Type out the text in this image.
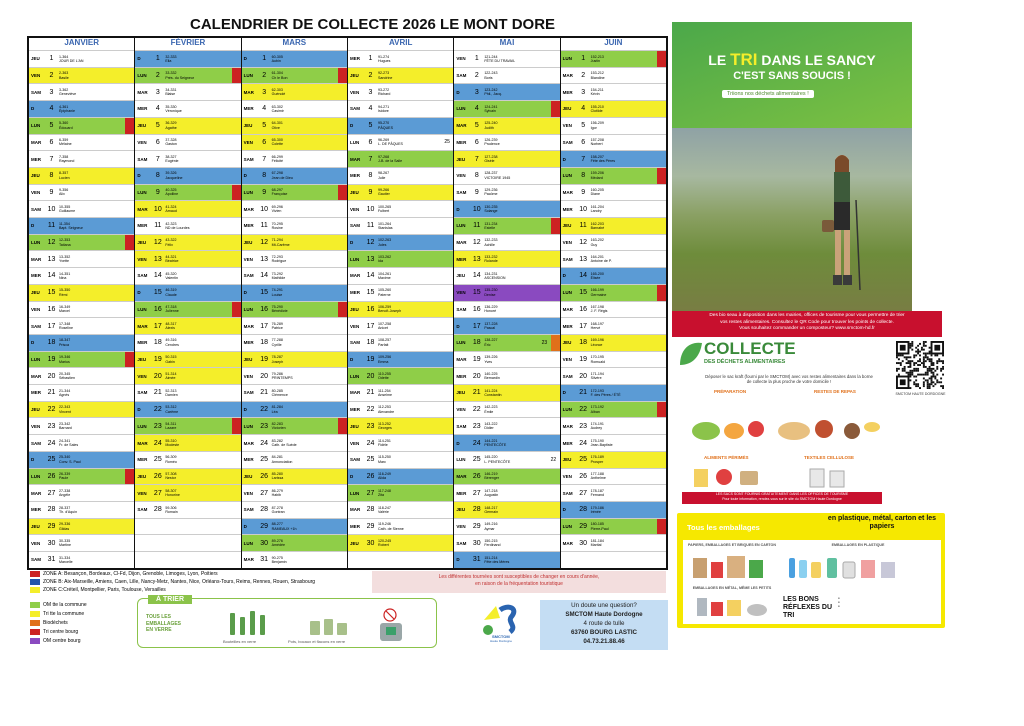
CALENDRIER DE COLLECTE 2026 LE MONT DORE
JANVIER
JEU	1	1-364
JOUR DE L'AN
VEN	2	2-363
Basile
SAM	3	3-362
Geneviève
D	4	4-361
Épiphanie
LUN	5	5-360
Édouard
MAR	6	6-359
Mélaine
MER	7	7-358
Raymond
JEU	8	8-357
Lucien
VEN	9	9-356
Alix
SAM 10	10-355
Guillaume
D	11	11-354
Bapt. Seigneur
LUN	12	12-353
Tatiana
MAR 13	13-352
Yvette
MER 14	14-351
Nina
JEU	15	15-350
Rémi
VEN	16	16-349
Marcel
SAM 17	17-348
Roseline
D	18	18-347
Prisca
LUN	19	19-346
Marius
MAR 20	20-345
Sébastien
MER 21	21-344
Agnès
JEU	22	22-343
Vincent
VEN	23	23-342
Barnard
SAM 24	24-341
Fr. de Sales
D	25	25-340
Conv. S. Paul
LUN	26	26-339
Paule
MAR 27	27-338
Angèle
MER 28	28-337
Th. d'Aquin
JEU	29	29-336
Gildas
VEN	30	30-335
Martine
SAM 31	31-334
Marcelle
FÉVRIER
D	1	32-333
Ella
LUN	2	33-332
Prés. du Seigneur
MAR	3	34-331
Blaise
MER	4	35-330
Véronique
JEU	5	36-329
Agathe
VEN	6	37-328
Gaston
SAM	7	38-327
Eugénie
D	8	39-326
Jacqueline
LUN	9	40-325
Apolline
MAR 10	41-324
Arnaud
MER 11	42-323
ND de Lourdes
JEU	12	43-322
Félix
VEN	13	44-321
Béatrice
SAM 14	45-320
Valentin
D	15	46-319
Claude
LUN	16	47-318
Julienne
MAR 17	48-317
Alexis
MER 18	49-316
Cendres
JEU	19	50-315
Gabin
VEN	20	51-314
Aimée
SAM 21	52-313
Damien
D	22	53-312
Carême
LUN	23	54-311
Lazare
MAR 24	55-310
Modeste
MER 25	56-309
Roméo
JEU	26	57-308
Nestor
VEN	27	58-307
Honorine
SAM 28	59-306
Romain
MARS
D	1	60-305
Aubin
LUN	2	61-304
Ch le Bon
MAR	3	62-303
Guénolé
MER	4	63-302
Casimir
JEU	5	64-301
Olive
VEN	6	65-300
Colette
SAM	7	66-299
Félicité
D	8	67-298
Jean de Dieu
LUN	9	68-297
Françoise
MAR 10	69-296
Vivien
MER 11	70-295
Rosine
JEU	12	71-294
Mt-Carême
VEN	13	72-293
Rodrigue
SAM 14	73-292
Mathilde
D	15	74-291
Louise
LUN	16	75-290
Bénédicte
MAR 17	76-289
Patrice
MER 18	77-288
Cyrille
JEU	19	78-287
Joseph
VEN	20	79-286
PRINTEMPS
SAM 21	80-285
Clémence
D	22	81-284
Léa
LUN	23	82-283
Victorien
MAR 24	83-282
Cath. de Suède
MER 25	84-281
Annonciation
JEU	26	85-280
Larissa
VEN	27	86-279
Habib
SAM 28	87-278
Gontran
D	29	88-277
RAMEAUX +1h
LUN	30	89-276
Amédée
MAR 31	90-275
Benjamin
AVRIL
MER	1	91-274
Hugues
JEU	2	92-273
Sandrine
VEN	3	93-272
Richard
SAM	4	94-271
Isidore
D	5	95-270
PÂQUES
LUN	6	96-269
L. DE PÂQUES	25
MAR	7	97-268
J-B. de la Salle
MER	8	98-267
Julie
JEU	9	99-266
Gautier
VEN	10	100-265
Fulbert
SAM 11	101-264
Stanislas
D	12	102-263
Jules
LUN	13	103-262
Ida
MAR 14	104-261
Maxime
MER 15	105-260
Paterne
JEU	16	106-259
Benoît-Joseph
VEN	17	107-258
Anicet
SAM 18	108-257
Parfait
D	19	109-256
Emma
LUN	20	110-255
Odette
MAR 21	111-254
Anselme
MER 22	112-253
Alexandre
JEU	23	113-252
Georges
VEN	24	114-251
Fidèle
SAM 25	115-250
Marc
D	26	116-249
Alida
LUN	27	117-248
Zita
MAR 28	118-247
Valérie
MER 29	119-246
Cath. de Sienne
JEU	30	120-245
Robert
MAI
VEN	1	121-244
FÊTE DU TRAVAIL
SAM	2	122-243
Boris
D	3	123-242
Phil., Jacq.
LUN	4	124-241
Sylvain
MAR	5	125-240
Judith
MER	6	126-239
Prudence
JEU	7	127-238
Gisèle
VEN	8	128-237
VICTOIRE 1945
SAM	9	129-236
Pacôme
D	10	130-235
Solange
LUN	11	131-234
Estelle
MAR 12	132-233
Achille
MER 13	133-232
Rolande
JEU	14	134-231
ASCENSION
VEN	15	135-230
Denise
SAM 16	136-229
Honoré
D	17	137-228
Pascal
LUN	18	138-227
Éric	23
MAR 19	139-226
Yves
MER 20	140-225
Bernardin
JEU	21	141-224
Constantin
VEN	22	142-223
Émile
SAM 23	143-222
Didier
D	24	144-221
PENTECÔTE
LUN	25	145-220
L. PENTECÔTE	22
MAR 26	146-219
Bérenger
MER 27	147-218
Augustin
JEU	28	148-217
Germain
VEN	29	149-216
Aymar
SAM 30	150-215
Ferdinand
D	31	151-214
Fête des Mères
JUIN
LUN	1	152-213
Justin
MAR	2	153-212
Blandine
MER	3	154-211
Kévin
JEU	4	155-210
Clotilde
VEN	5	156-209
Igor
SAM	6	157-208
Norbert
D	7	158-207
Fête des Pères
LUN	8	159-206
Médard
MAR	9	160-205
Diane
MER 10	161-204
Landry
JEU	11	162-203
Barnabé
VEN	12	163-202
Guy
SAM 13	164-201
Antoine de P.
D	14	165-200
Élisée
LUN	15	166-199
Germaine
MAR 16	167-198
J. F. Régis
MER 17	168-197
Hervé
JEU	18	169-196
Léonce
VEN	19	170-195
Romuald
SAM 20	171-194
Silvère
D	21	172-193
F. des Pères / ÉTÉ
LUN	22	173-192
Alban
MAR 23	174-191
Audrey
MER 24	175-190
Jean-Baptiste
JEU	25	176-189
Prosper
VEN	26	177-188
Anthelme
SAM 27	178-187
Fernand
D	28	179-186
Irénée
LUN	29	180-185
Pierre-Paul
MAR 30	181-184
Martial
ZONE A: Besançon, Bordeaux, Cl-Fd, Dijon, Grenoble, Limoges, Lyon, Poitiers
ZONE B: Aix-Marseille, Amiens, Caen, Lille, Nancy-Metz, Nantes, Nice, Orléans-Tours, Reims, Rennes, Rouen, Strasbourg
ZONE C:Créteil, Montpellier, Paris, Toulouse, Versailles
OM tte la commune
Tri tte la commune
Biodéchets
Tri centre bourg
OM centre bourg
Les différentes tournées sont susceptibles de changer en cours d'année,
en raison de la fréquentation touristique
À TRIER
TOUS LES
EMBALLAGES
EN VERRE
Bouteilles en verre	Pots, bocaux et flacons en verre
SMCTOM
Haute Dordogne
Un doute une question?
SMCTOM Haute Dordogne
4 route de tulle
63760 BOURG LASTIC
04.73.21.88.46
LE TRI DANS LE SANCY
C'EST SANS SOUCIS !
Triions nos déchets alimentaires !
Des bio seau à disposition dans les mairies, offices de tourisme pour vous permettre de trier
vos restes alimentaires. Consultez le QR Code pour trouver les points de collecte.
Vous souhaitez commander un composteur? www.smctom-hd.fr
COLLECTE
DES DÉCHETS ALIMENTAIRES
Déposer le sac kraft (fourni par le SMCTOM) avec vos restes alimentaires dans la borne
de collecte la plus proche de votre domicile !
PRÉPARATION	RESTES DE REPAS
ALIMENTS PÉRIMÉS	TEXTILES CELLULOSE
LES SACS SONT FOURNIS GRATUITEMENT DANS LES OFFICES DE TOURISME
Pour toute information, rendez-vous sur le site du SMCTOM Haute Dordogne
SMCTOM HAUTE DORDOGNE
Tous les emballages
en plastique, métal, carton et les papiers
PAPIERS, EMBALLAGES ET BRIQUES EN CARTON	EMBALLAGES EN PLASTIQUE
EMBALLAGES EN MÉTAL, MÊME LES PETITS
LES BONS RÉFLEXES DU TRI
●
●
●
